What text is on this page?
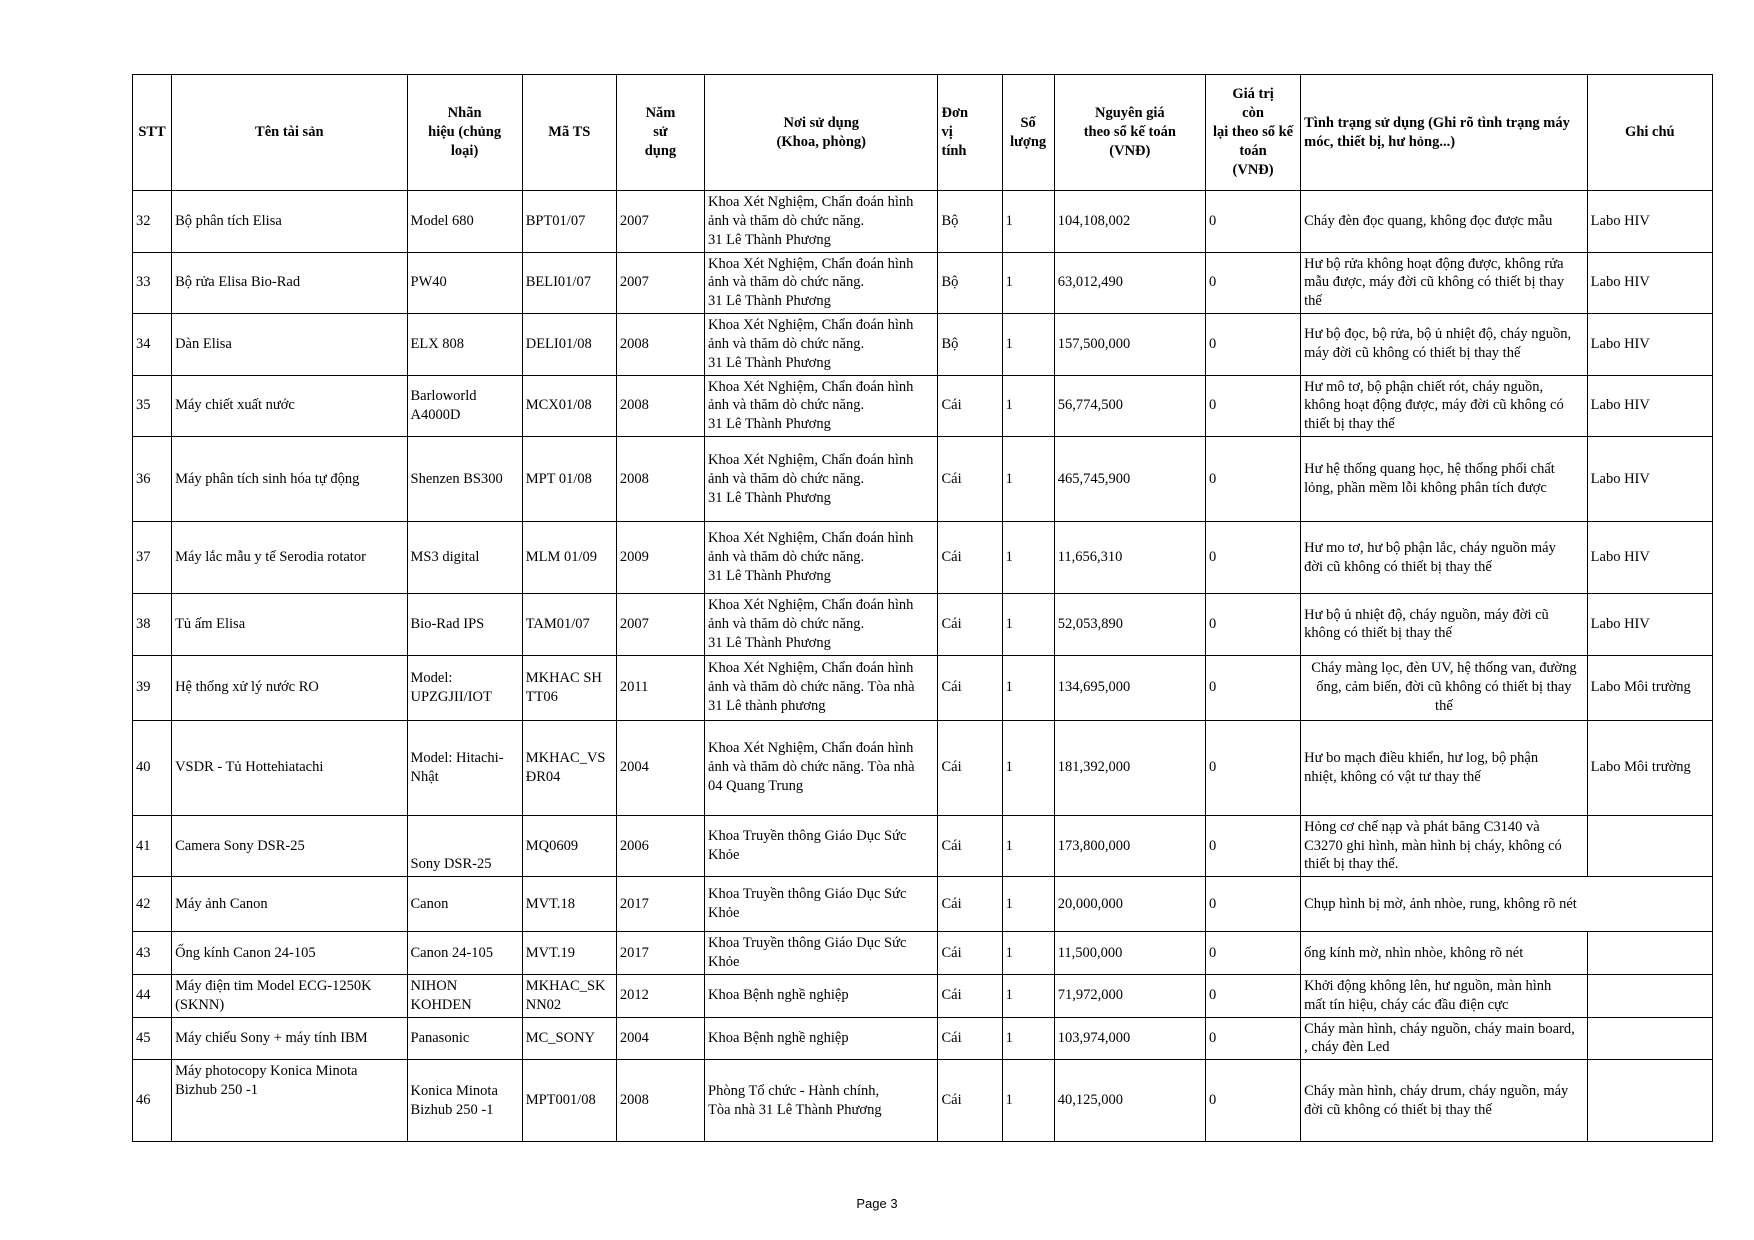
STT	Tên tài sản	Nhãn
hiệu (chủng
loại)	Mã TS	Năm
sử
dụng	Nơi sử dụng
(Khoa, phòng)	Đơn
vị
tính	Số
lượng	Nguyên giá
theo sổ kế toán
(VNĐ)	Giá trị
còn
lại theo sổ kế
toán
(VNĐ)	Tình trạng sử dụng (Ghi rõ tình trạng máy
móc, thiết bị, hư hỏng...)	Ghi chú
32	Bộ phân tích Elisa	Model 680	BPT01/07	2007	Khoa Xét Nghiệm, Chẩn đoán hình
ảnh và thăm dò chức năng.
31 Lê Thành Phương	Bộ	1	104,108,002	0	Cháy đèn đọc quang, không đọc được mẫu	Labo HIV
33	Bộ rửa Elisa Bio-Rad	PW40	BELI01/07	2007	Khoa Xét Nghiệm, Chẩn đoán hình
ảnh và thăm dò chức năng.
31 Lê Thành Phương	Bộ	1	63,012,490	0	Hư bộ rửa không hoạt động được, không rửa
mẫu được, máy đời cũ không có thiết bị thay
thế	Labo HIV
34	Dàn Elisa	ELX 808	DELI01/08	2008	Khoa Xét Nghiệm, Chẩn đoán hình
ảnh và thăm dò chức năng.
31 Lê Thành Phương	Bộ	1	157,500,000	0	Hư bộ đọc, bộ rửa, bộ ủ nhiệt độ, cháy nguồn,
máy đời cũ không có thiết bị thay thế	Labo HIV
35	Máy chiết xuất nước	Barloworld
A4000D	MCX01/08	2008	Khoa Xét Nghiệm, Chẩn đoán hình
ảnh và thăm dò chức năng.
31 Lê Thành Phương	Cái	1	56,774,500	0	Hư mô tơ, bộ phận chiết rót, cháy nguồn,
không hoạt động được, máy đời cũ không có
thiết bị thay thế	Labo HIV
36	Máy phân tích sinh hóa tự động	Shenzen BS300	MPT 01/08	2008	Khoa Xét Nghiệm, Chẩn đoán hình
ảnh và thăm dò chức năng.
31 Lê Thành Phương	Cái	1	465,745,900	0	Hư hệ thống quang học, hệ thống phối chất
lỏng, phần mềm lỗi không phân tích được	Labo HIV
37	Máy lắc mẫu y tế Serodia rotator	MS3 digital	MLM 01/09	2009	Khoa Xét Nghiệm, Chẩn đoán hình
ảnh và thăm dò chức năng.
31 Lê Thành Phương	Cái	1	11,656,310	0	Hư mo tơ, hư bộ phận lắc, cháy nguồn máy
đời cũ không có thiết bị thay thế	Labo HIV
38	Tủ ấm Elisa	Bio-Rad IPS	TAM01/07	2007	Khoa Xét Nghiệm, Chẩn đoán hình
ảnh và thăm dò chức năng.
31 Lê Thành Phương	Cái	1	52,053,890	0	Hư bộ ủ nhiệt độ, cháy nguồn, máy đời cũ
không có thiết bị thay thế	Labo HIV
39	Hệ thống xử lý nước RO	Model:
UPZGJII/IOT	MKHAC SH
TT06	2011	Khoa Xét Nghiệm, Chẩn đoán hình
ảnh và thăm dò chức năng. Tòa nhà
31 Lê thành phương	Cái	1	134,695,000	0	Cháy màng lọc, đèn UV, hệ thống van, đường
ống, cảm biến, đời cũ không có thiết bị thay
thế	Labo Môi trường
40	VSDR - Tủ Hottehiatachi	Model: Hitachi-
Nhật	MKHAC_VS
ĐR04	2004	Khoa Xét Nghiệm, Chẩn đoán hình
ảnh và thăm dò chức năng. Tòa nhà
04 Quang Trung	Cái	1	181,392,000	0	Hư bo mạch điều khiển, hư log, bộ phận
nhiệt, không có vật tư thay thế	Labo Môi trường
41	Camera Sony DSR-25	Sony DSR-25	MQ0609	2006	Khoa Truyền thông Giáo Dục Sức
Khỏe	Cái	1	173,800,000	0	Hỏng cơ chế nạp và phát băng C3140 và
C3270 ghi hình, màn hình bị cháy, không có
thiết bị thay thế.	
42	Máy ảnh Canon	Canon	MVT.18	2017	Khoa Truyền thông Giáo Dục Sức
Khỏe	Cái	1	20,000,000	0	Chụp hình bị mờ, ảnh nhòe, rung, không rõ nét	
43	Ống kính Canon 24-105	Canon 24-105	MVT.19	2017	Khoa Truyền thông Giáo Dục Sức
Khỏe	Cái	1	11,500,000	0	ống kính mờ, nhìn nhòe, không rõ nét	
44	Máy điện tim Model ECG-1250K
(SKNN)	NIHON
KOHDEN	MKHAC_SK
NN02	2012	Khoa Bệnh nghề nghiệp	Cái	1	71,972,000	0	Khởi động không lên, hư nguồn, màn hình
mất tín hiệu, cháy các đầu điện cực	
45	Máy chiếu Sony + máy tính IBM	Panasonic	MC_SONY	2004	Khoa Bệnh nghề nghiệp	Cái	1	103,974,000	0	Cháy màn hình, cháy nguồn, cháy main board,
, cháy đèn Led	
46	Máy photocopy Konica Minota
Bizhub 250 -1	Konica Minota
Bizhub 250 -1	MPT001/08	2008	Phòng Tổ chức - Hành chính,
Tòa nhà 31 Lê Thành Phương	Cái	1	40,125,000	0	Cháy màn hình, cháy drum, cháy nguồn, máy
đời cũ không có thiết bị thay thế	
Page 3
